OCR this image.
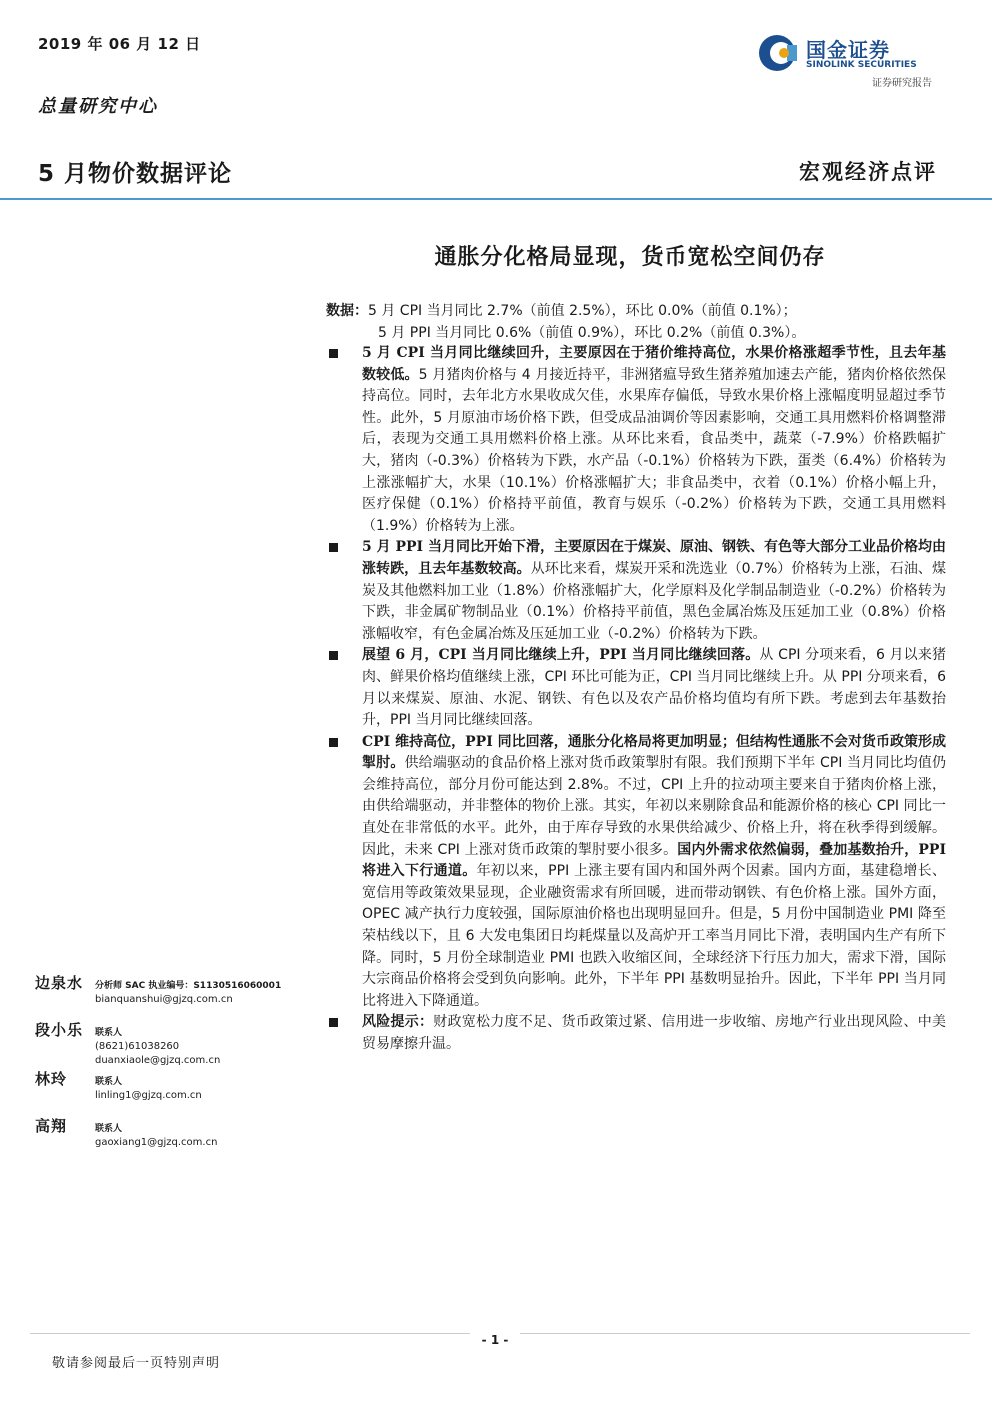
2019 年 06 月 12 日
总量研究中心
5 月物价数据评论	宏观经济点评
国金证券
SINOLINK SECURITIES
证券研究报告
通胀分化格局显现，货币宽松空间仍存
数据：5 月 CPI 当月同比 2.7%（前值 2.5%），环比 0.0%（前值 0.1%）；
5 月 PPI 当月同比 0.6%（前值 0.9%），环比 0.2%（前值 0.3%）。
5 月 CPI 当月同比继续回升，主要原因在于猪价维持高位，水果价格涨超季节性，且去年基数较低。5 月猪肉价格与 4 月接近持平，非洲猪瘟导致生猪养殖加速去产能，猪肉价格依然保持高位。同时，去年北方水果收成欠佳，水果库存偏低，导致水果价格上涨幅度明显超过季节性。此外，5 月原油市场价格下跌，但受成品油调价等因素影响，交通工具用燃料价格调整滞后，表现为交通工具用燃料价格上涨。从环比来看，食品类中，蔬菜（-7.9%）价格跌幅扩大，猪肉（-0.3%）价格转为下跌，水产品（-0.1%）价格转为下跌，蛋类（6.4%）价格转为上涨涨幅扩大，水果（10.1%）价格涨幅扩大；非食品类中，衣着（0.1%）价格小幅上升，医疗保健（0.1%）价格持平前值，教育与娱乐（-0.2%）价格转为下跌，交通工具用燃料（1.9%）价格转为上涨。
5 月 PPI 当月同比开始下滑，主要原因在于煤炭、原油、钢铁、有色等大部分工业品价格均由涨转跌，且去年基数较高。从环比来看，煤炭开采和洗选业（0.7%）价格转为上涨，石油、煤炭及其他燃料加工业（1.8%）价格涨幅扩大，化学原料及化学制品制造业（-0.2%）价格转为下跌，非金属矿物制品业（0.1%）价格持平前值，黑色金属冶炼及压延加工业（0.8%）价格涨幅收窄，有色金属冶炼及压延加工业（-0.2%）价格转为下跌。
展望 6 月，CPI 当月同比继续上升，PPI 当月同比继续回落。从 CPI 分项来看，6 月以来猪肉、鲜果价格均值继续上涨，CPI 环比可能为正，CPI 当月同比继续上升。从 PPI 分项来看，6 月以来煤炭、原油、水泥、钢铁、有色以及农产品价格均值均有所下跌。考虑到去年基数抬升，PPI 当月同比继续回落。
CPI 维持高位，PPI 同比回落，通胀分化格局将更加明显；但结构性通胀不会对货币政策形成掣肘。供给端驱动的食品价格上涨对货币政策掣肘有限。我们预期下半年 CPI 当月同比均值仍会维持高位，部分月份可能达到 2.8%。不过，CPI 上升的拉动项主要来自于猪肉价格上涨，由供给端驱动，并非整体的物价上涨。其实，年初以来剔除食品和能源价格的核心 CPI 同比一直处在非常低的水平。此外，由于库存导致的水果供给减少、价格上升，将在秋季得到缓解。因此，未来 CPI 上涨对货币政策的掣肘要小很多。国内外需求依然偏弱，叠加基数抬升，PPI 将进入下行通道。年初以来，PPI 上涨主要有国内和国外两个因素。国内方面，基建稳增长、宽信用等政策效果显现，企业融资需求有所回暖，进而带动钢铁、有色价格上涨。国外方面，OPEC 减产执行力度较强，国际原油价格也出现明显回升。但是，5 月份中国制造业 PMI 降至荣枯线以下，且 6 大发电集团日均耗煤量以及高炉开工率当月同比下滑，表明国内生产有所下降。同时，5 月份全球制造业 PMI 也跌入收缩区间，全球经济下行压力加大，需求下滑，国际大宗商品价格将会受到负向影响。此外，下半年 PPI 基数明显抬升。因此，下半年 PPI 当月同比将进入下降通道。
风险提示：财政宽松力度不足、货币政策过紧、信用进一步收缩、房地产行业出现风险、中美贸易摩擦升温。
边泉水 分析师 SAC 执业编号：S1130516060001
bianquanshui@gjzq.com.cn
段小乐 联系人
(8621)61038260
duanxiaole@gjzq.com.cn
林玲	联系人
linling1@gjzq.com.cn
高翔	联系人
gaoxiang1@gjzq.com.cn
- 1 -
敬请参阅最后一页特别声明
